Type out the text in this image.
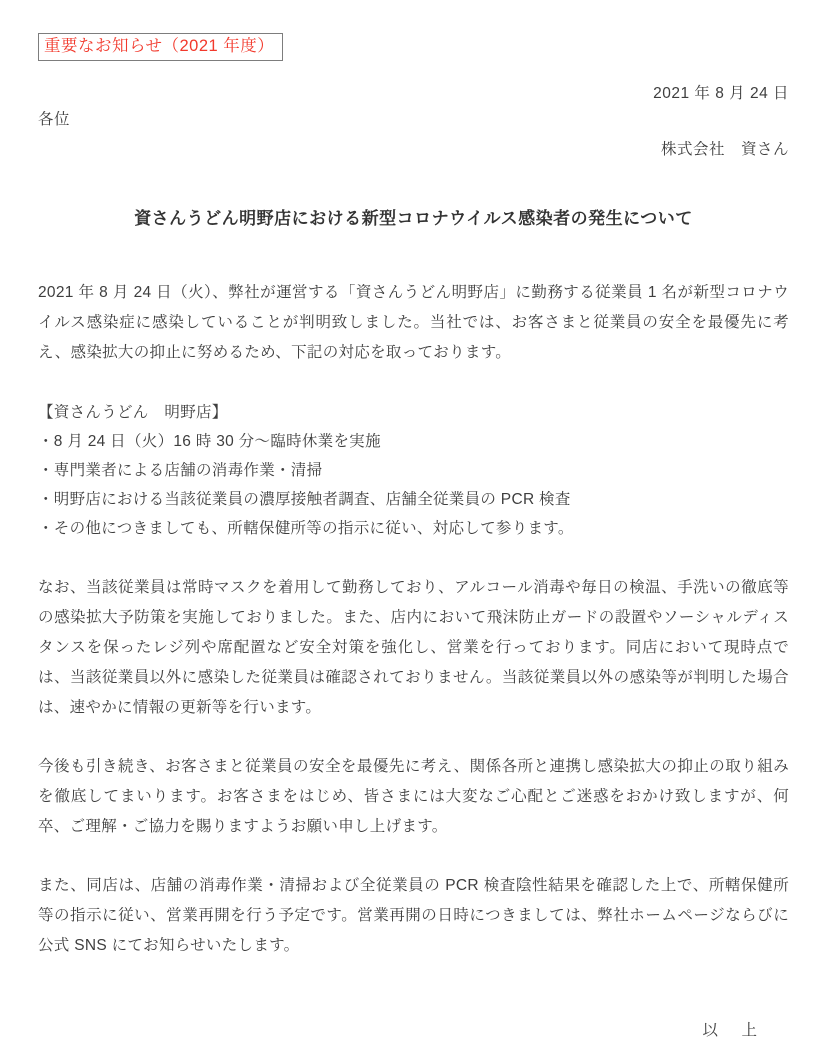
重要なお知らせ（2021 年度）
2021 年 8 月 24 日
各位
株式会社　資さん
資さんうどん明野店における新型コロナウイルス感染者の発生について

2021 年 8 月 24 日（火）、弊社が運営する「資さんうどん明野店」に勤務する従業員 1 名が新型コロナウイルス感染症に感染していることが判明致しました。当社では、お客さまと従業員の安全を最優先に考え、感染拡大の抑止に努めるため、下記の対応を取っております。

【資さんうどん　明野店】

・8 月 24 日（火）16 時 30 分～臨時休業を実施
・専門業者による店舗の消毒作業・清掃
・明野店における当該従業員の濃厚接触者調査、店舗全従業員の PCR 検査
・その他につきましても、所轄保健所等の指示に従い、対応して参ります。

なお、当該従業員は常時マスクを着用して勤務しており、アルコール消毒や毎日の検温、手洗いの徹底等の感染拡大予防策を実施しておりました。また、店内において飛沫防止ガードの設置やソーシャルディスタンスを保ったレジ列や席配置など安全対策を強化し、営業を行っております。同店において現時点では、当該従業員以外に感染した従業員は確認されておりません。当該従業員以外の感染等が判明した場合は、速やかに情報の更新等を行います。

今後も引き続き、お客さまと従業員の安全を最優先に考え、関係各所と連携し感染拡大の抑止の取り組みを徹底してまいります。お客さまをはじめ、皆さまには大変なご心配とご迷惑をおかけ致しますが、何卒、ご理解・ご協力を賜りますようお願い申し上げます。

また、同店は、店舗の消毒作業・清掃および全従業員の PCR 検査陰性結果を確認した上で、所轄保健所等の指示に従い、営業再開を行う予定です。営業再開の日時につきましては、弊社ホームページならびに公式 SNS にてお知らせいたします。

以　上
